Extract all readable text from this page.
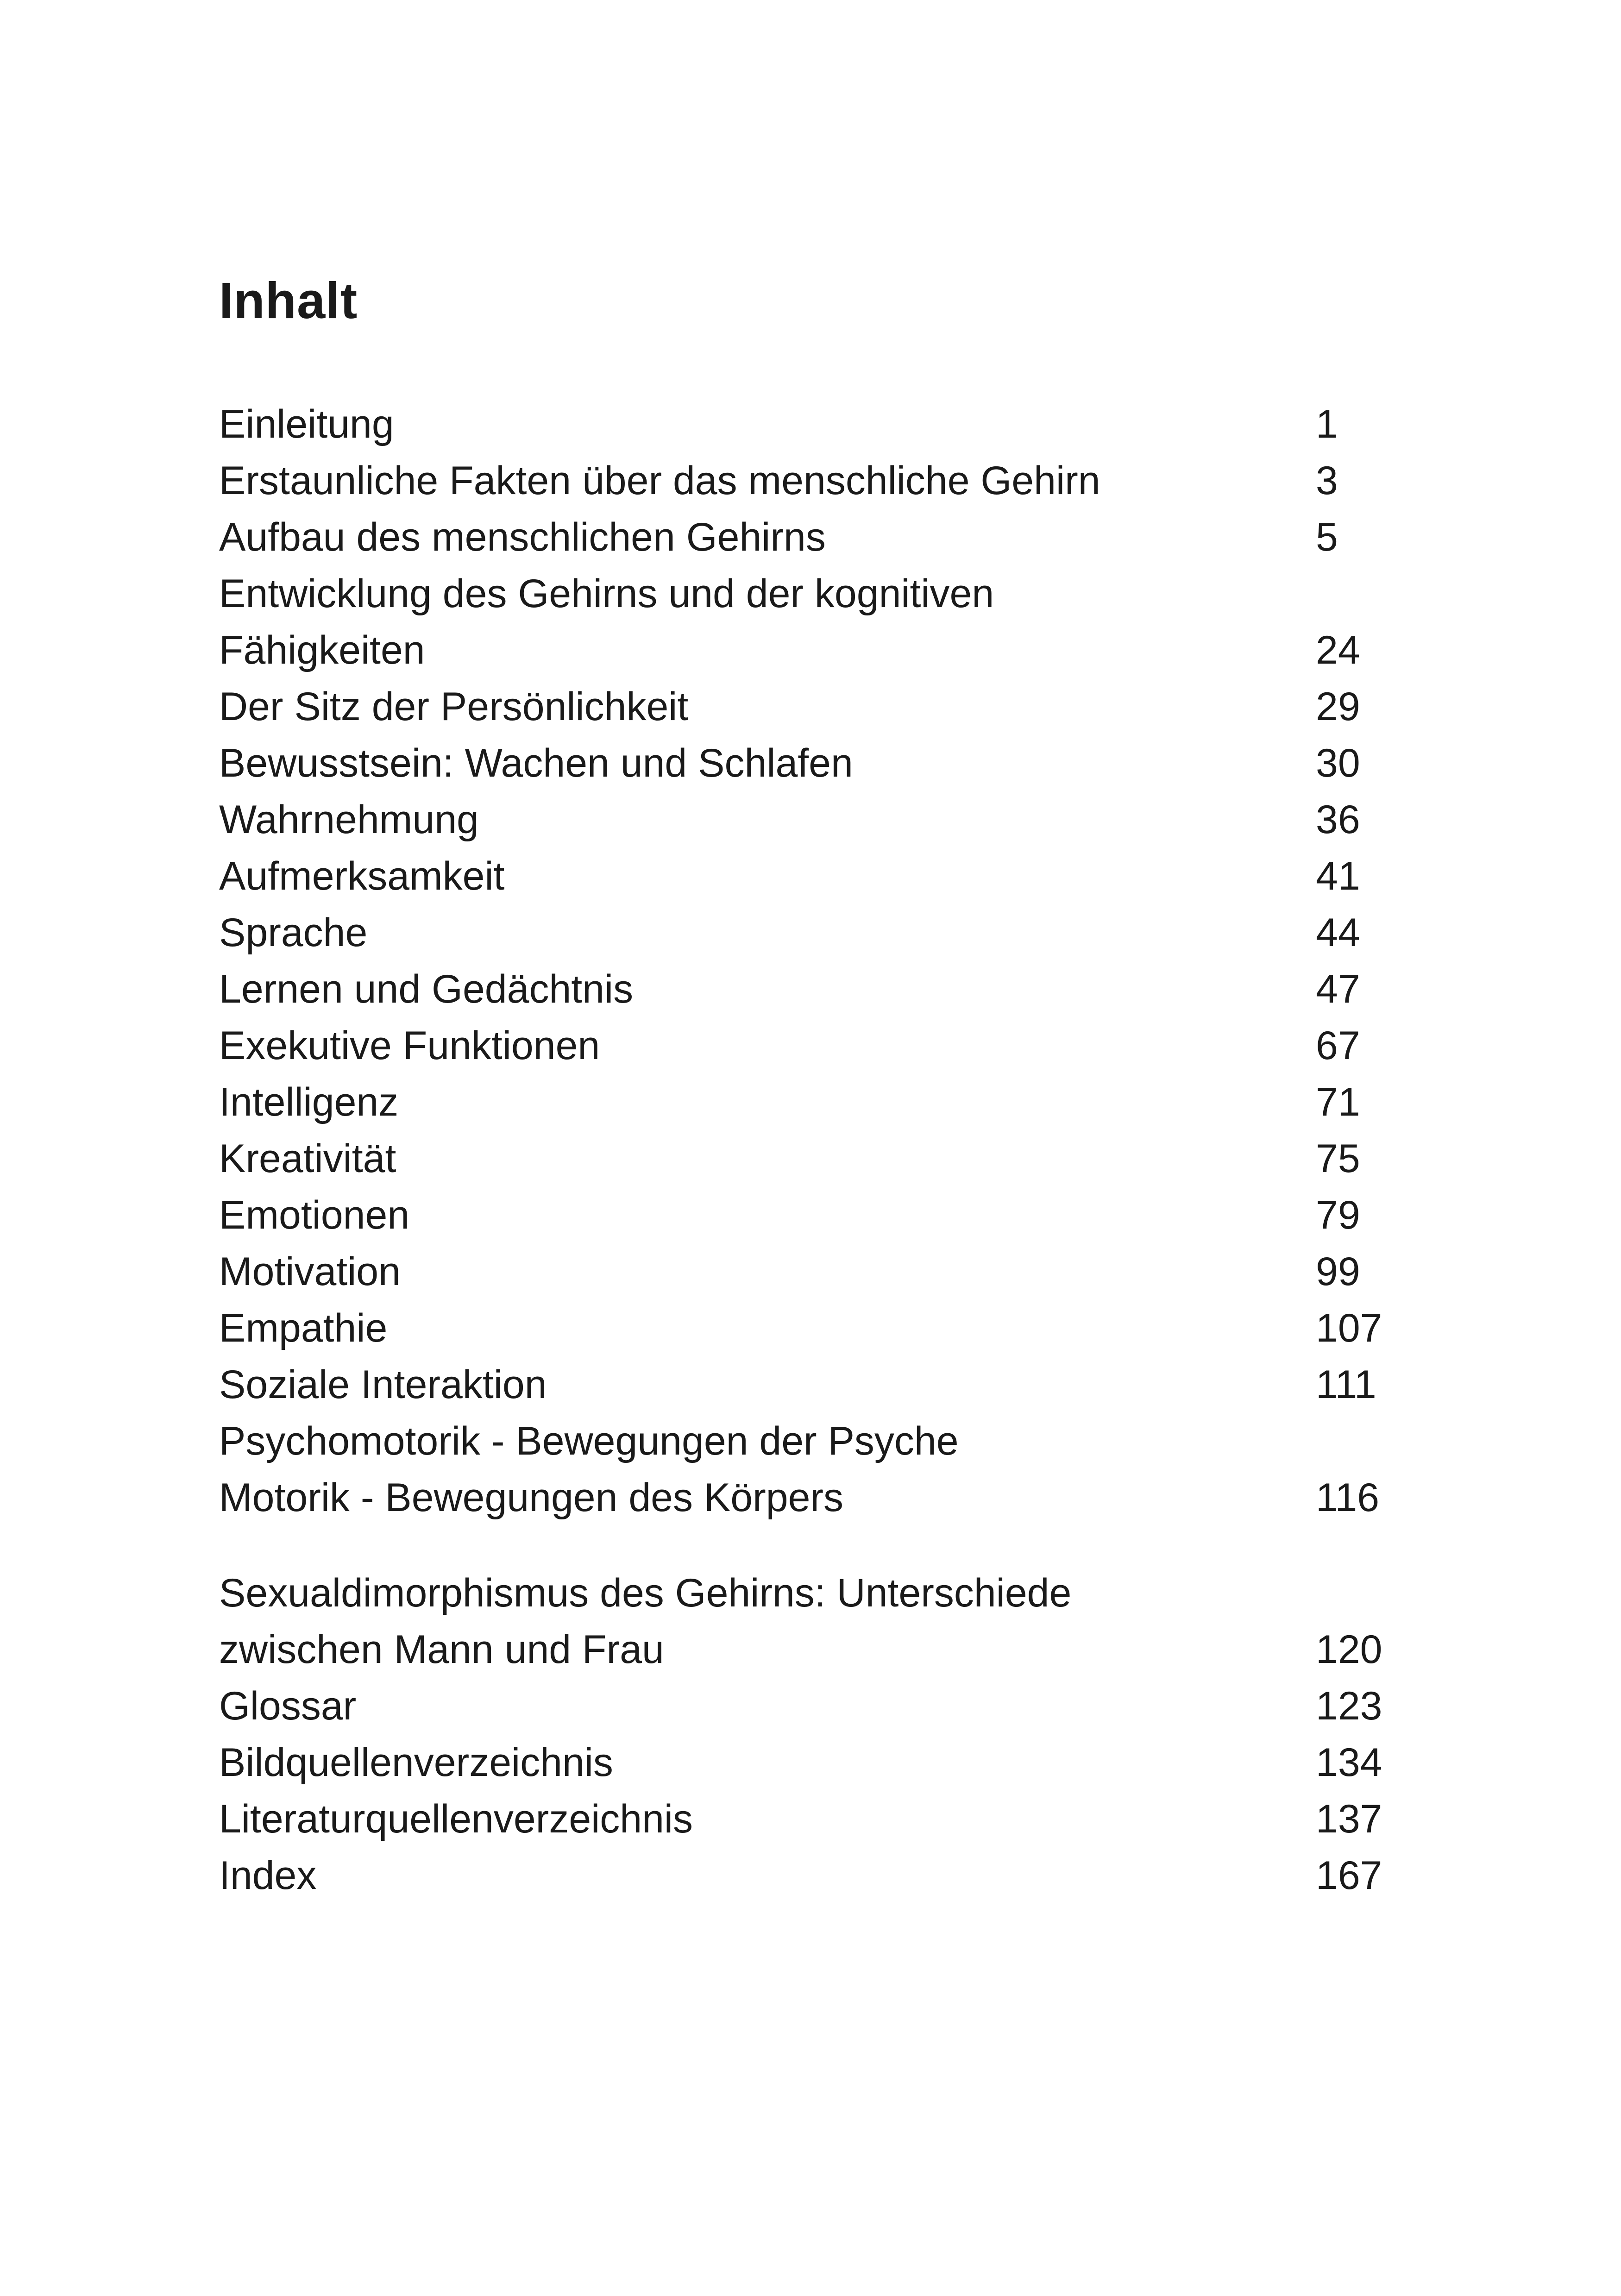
Inhalt
Einleitung	1
Erstaunliche Fakten über das menschliche Gehirn	3
Aufbau des menschlichen Gehirns	5
Entwicklung des Gehirns und der kognitiven
Fähigkeiten	24
Der Sitz der Persönlichkeit	29
Bewusstsein: Wachen und Schlafen	30
Wahrnehmung	36
Aufmerksamkeit	41
Sprache	44
Lernen und Gedächtnis	47
Exekutive Funktionen	67
Intelligenz	71
Kreativität	75
Emotionen	79
Motivation	99
Empathie	107
Soziale Interaktion	111
Psychomotorik - Bewegungen der Psyche
Motorik - Bewegungen des Körpers	116
Sexualdimorphismus des Gehirns: Unterschiede
zwischen Mann und Frau	120
Glossar	123
Bildquellenverzeichnis	134
Literaturquellenverzeichnis	137
Index	167
